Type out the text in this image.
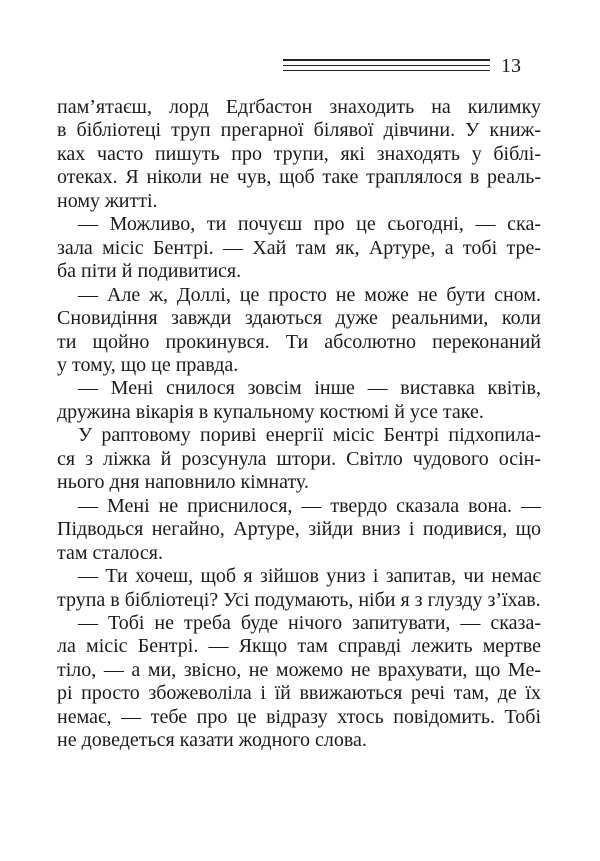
13
пам’ятаєш, лорд Едґбастон знаходить на килимку
в бібліотеці труп прегарної білявої дівчини. У книж-
ках часто пишуть про трупи, які знаходять у біблі-
отеках. Я ніколи не чув, щоб таке траплялося в реаль-
ному житті.
— Можливо, ти почуєш про це сьогодні, — ска-
зала місіс Бентрі. — Хай там як, Артуре, а тобі тре-
ба піти й подивитися.
— Але ж, Доллі, це просто не може не бути сном.
Сновидіння завжди здаються дуже реальними, коли
ти щойно прокинувся. Ти абсолютно переконаний
у тому, що це правда.
— Мені снилося зовсім інше — виставка квітів,
дружина вікарія в купальному костюмі й усе таке.
У раптовому пориві енергії місіс Бентрі підхопила-
ся з ліжка й розсунула штори. Світло чудового осін-
нього дня наповнило кімнату.
— Мені не приснилося, — твердо сказала вона. —
Підводься негайно, Артуре, зійди вниз і подивися, що
там сталося.
— Ти хочеш, щоб я зійшов униз і запитав, чи немає
трупа в бібліотеці? Усі подумають, ніби я з глузду з’їхав.
— Тобі не треба буде нічого запитувати, — сказа-
ла місіс Бентрі. — Якщо там справді лежить мертве
тіло, — а ми, звісно, не можемо не врахувати, що Ме-
рі просто збожеволіла і їй ввижаються речі там, де їх
немає, — тебе про це відразу хтось повідомить. Тобі
не доведеться казати жодного слова.
